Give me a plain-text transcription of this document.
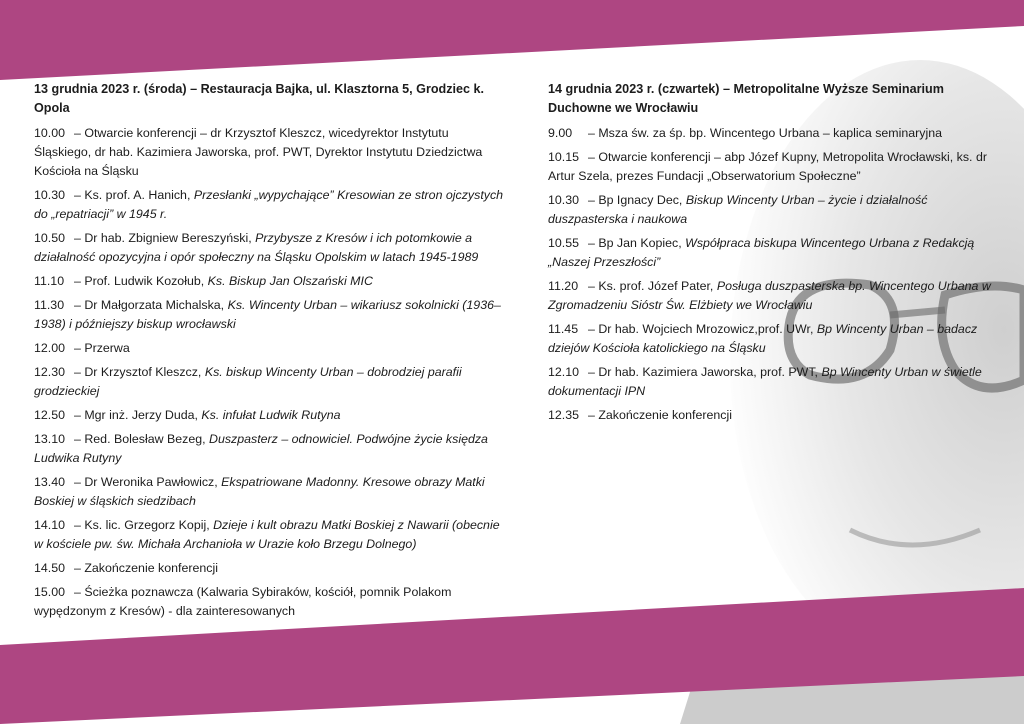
13 grudnia 2023 r. (środa) – Restauracja Bajka, ul. Klasztorna 5, Grodziec k. Opola
10.00 – Otwarcie konferencji – dr Krzysztof Kleszcz, wicedyrektor Instytutu Śląskiego, dr hab. Kazimiera Jaworska, prof. PWT, Dyrektor Instytutu Dziedzictwa Kościoła na Śląsku
10.30 – Ks. prof. A. Hanich, Przesłanki „wypychające” Kresowian ze stron ojczystych do „repatriacji” w 1945 r.
10.50 – Dr hab. Zbigniew Bereszyński, Przybysze z Kresów i ich potomkowie a działalność opozycyjna i opór społeczny na Śląsku Opolskim w latach 1945-1989
11.10 – Prof. Ludwik Kozołub, Ks. Biskup Jan Olszański MIC
11.30 – Dr Małgorzata Michalska, Ks. Wincenty Urban – wikariusz sokolnicki (1936–1938) i późniejszy biskup wrocławski
12.00 – Przerwa
12.30 – Dr Krzysztof Kleszcz, Ks. biskup Wincenty Urban – dobrodziej parafii grodzieckiej
12.50 – Mgr inż. Jerzy Duda, Ks. infułat Ludwik Rutyna
13.10 – Red. Bolesław Bezeg, Duszpasterz – odnowiciel. Podwójne życie księdza Ludwika Rutyny
13.40 – Dr Weronika Pawłowicz, Ekspatriowane Madonny. Kresowe obrazy Matki Boskiej w śląskich siedzibach
14.10 – Ks. lic. Grzegorz Kopij, Dzieje i kult obrazu Matki Boskiej z Nawarii (obecnie w kościele pw. św. Michała Archanioła w Urazie koło Brzegu Dolnego)
14.50 – Zakończenie konferencji
15.00 – Ścieżka poznawcza (Kalwaria Sybiraków, kościół, pomnik Polakom wypędzonym z Kresów) - dla zainteresowanych
14 grudnia 2023 r. (czwartek) – Metropolitalne Wyższe Seminarium Duchowne we Wrocławiu
9.00 – Msza św. za śp. bp. Wincentego Urbana – kaplica seminaryjna
10.15 – Otwarcie konferencji – abp Józef Kupny, Metropolita Wrocławski, ks. dr Artur Szela, prezes Fundacji „Obserwatorium Społeczne”
10.30 – Bp Ignacy Dec, Biskup Wincenty Urban – życie i działalność duszpasterska i naukowa
10.55 – Bp Jan Kopiec, Współpraca biskupa Wincentego Urbana z Redakcją „Naszej Przeszłości”
11.20 – Ks. prof. Józef Pater, Posługa duszpasterska bp. Wincentego Urbana w Zgromadzeniu Sióstr Św. Elżbiety we Wrocławiu
11.45 – Dr hab. Wojciech Mrozowicz,prof. UWr, Bp Wincenty Urban – badacz dziejów Kościoła katolickiego na Śląsku
12.10 – Dr hab. Kazimiera Jaworska, prof. PWT, Bp Wincenty Urban w świetle dokumentacji IPN
12.35 – Zakończenie konferencji
